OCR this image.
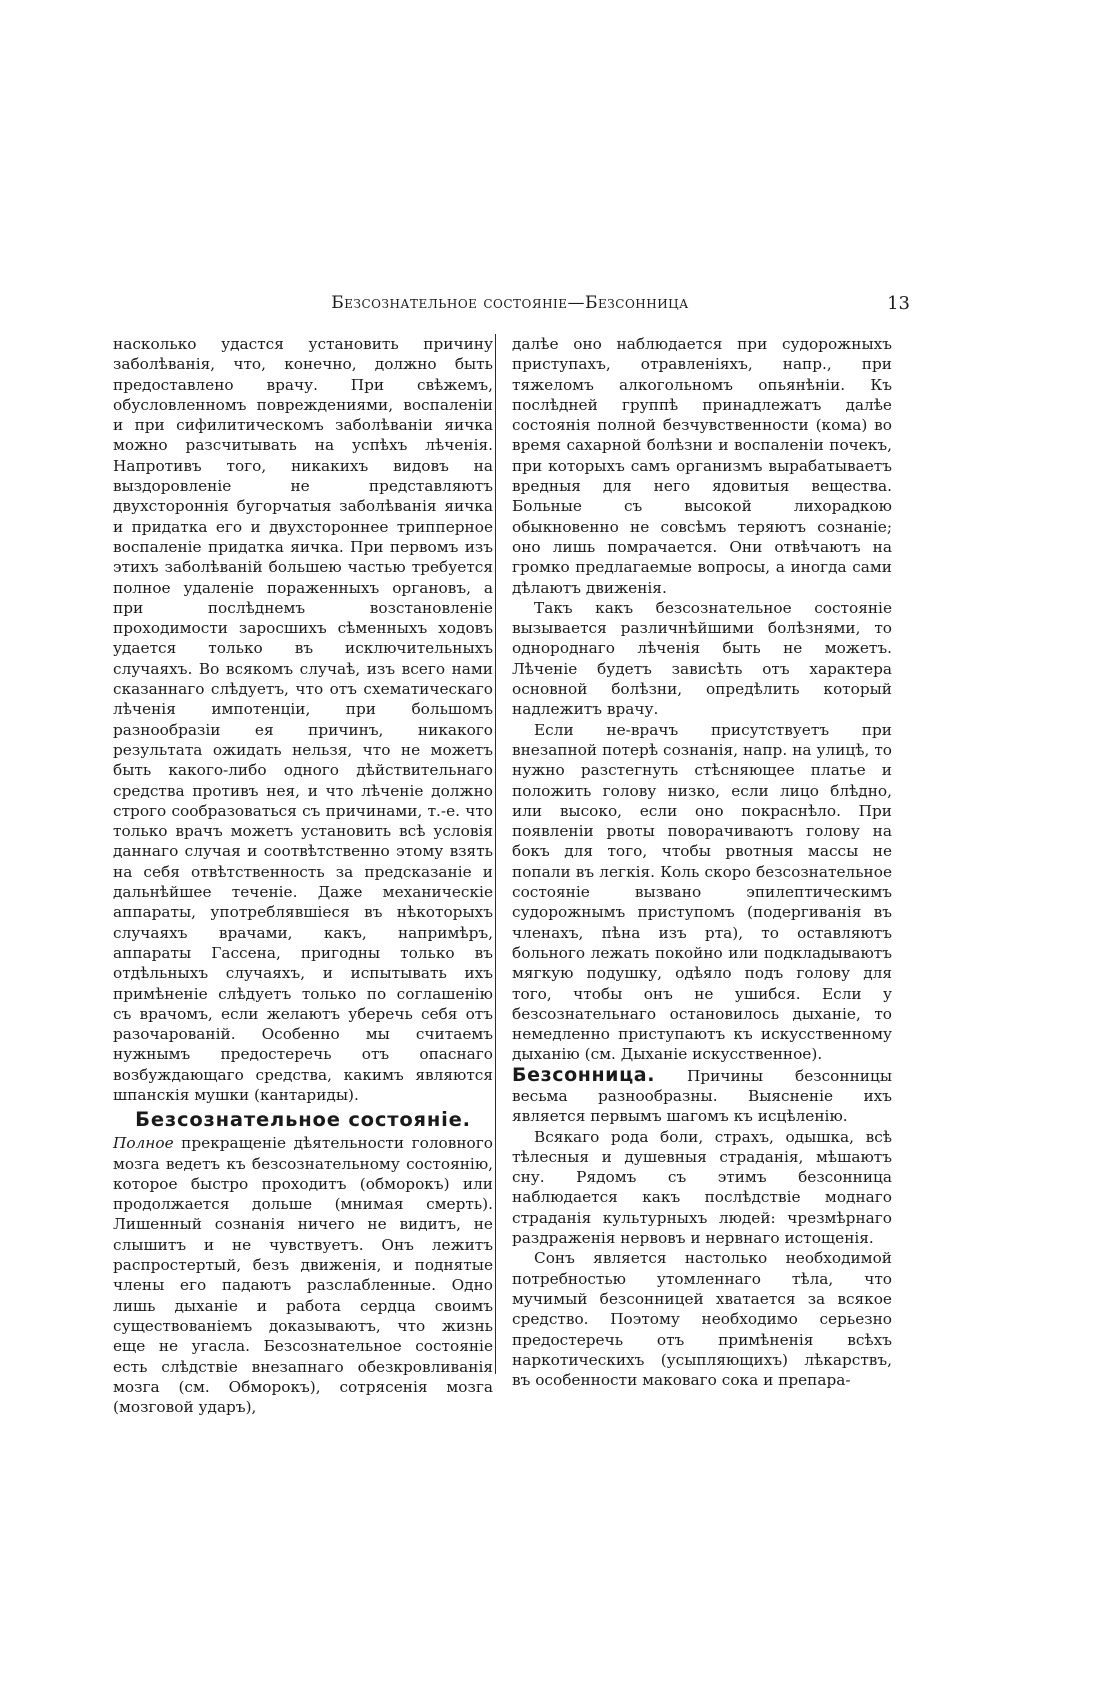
Безсознательное состояніе—Безсонница	13

насколько удастся установить причину заболѣванія, что, конечно, должно быть предоставлено врачу. При свѣжемъ, обусловленномъ повреждениями, воспаленіи и при сифилитическомъ заболѣваніи яичка можно разсчитывать на успѣхъ лѣченія. Напротивъ того, никакихъ видовъ на выздоровленіе не представляютъ двухстороннія бугорчатыя заболѣванія яичка и придатка его и двухстороннее трипперное воспаленіе придатка яичка. При первомъ изъ этихъ заболѣваній большею частью требуется полное удаленіе пораженныхъ органовъ, а при послѣднемъ возстановленіе проходимости заросшихъ сѣменныхъ ходовъ удается только въ исключительныхъ случаяхъ. Во всякомъ случаѣ, изъ всего нами сказаннаго слѣдуетъ, что отъ схематическаго лѣченія импотенціи, при большомъ разнообразіи ея причинъ, никакого результата ожидать нельзя, что не можетъ быть какого-либо одного дѣйствительнаго средства противъ нея, и что лѣченіе должно строго сообразоваться съ причинами, т.-е. что только врачъ можетъ установить всѣ условія даннаго случая и соотвѣтственно этому взять на себя отвѣтственность за предсказаніе и дальнѣйшее теченіе. Даже механическіе аппараты, употреблявшіеся въ нѣкоторыхъ случаяхъ врачами, какъ, напримѣръ, аппараты Гассена, пригодны только въ отдѣльныхъ случаяхъ, и испытывать ихъ примѣненіе слѣдуетъ только по соглашенію съ врачомъ, если желаютъ уберечь себя отъ разочарованій. Особенно мы считаемъ нужнымъ предостеречь отъ опаснаго возбуждающаго средства, какимъ являются шпанскія мушки (кантариды).

Безсознательное состояніе.

Полное прекращеніе дѣятельности головного мозга ведетъ къ безсознательному состоянію, которое быстро проходитъ (обморокъ) или продолжается дольше (мнимая смерть). Лишенный сознанія ничего не видитъ, не слышитъ и не чувствуетъ. Онъ лежитъ распростертый, безъ движенія, и поднятые члены его падаютъ разслабленные. Одно лишь дыханіе и работа сердца своимъ существованіемъ доказываютъ, что жизнь еще не угасла. Безсознательное состояніе есть слѣдствіе внезапнаго обезкровливанія мозга (см. Обморокъ), сотрясенія мозга (мозговой ударъ),

далѣе оно наблюдается при судорожныхъ приступахъ, отравленіяхъ, напр., при тяжеломъ алкогольномъ опьянѣніи. Къ послѣдней группѣ принадлежатъ далѣе состоянія полной безчувственности (кома) во время сахарной болѣзни и воспаленіи почекъ, при которыхъ самъ организмъ вырабатываетъ вредныя для него ядовитыя вещества. Больные съ высокой лихорадкою обыкновенно не совсѣмъ теряютъ сознаніе; оно лишь помрачается. Они отвѣчаютъ на громко предлагаемые вопросы, а иногда сами дѣлаютъ движенія.

Такъ какъ безсознательное состояніе вызывается различнѣйшими болѣзнями, то однороднаго лѣченія быть не можетъ. Лѣченіе будетъ зависѣть отъ характера основной болѣзни, опредѣлить который надлежитъ врачу.

Если не-врачъ присутствуетъ при внезапной потерѣ сознанія, напр. на улицѣ, то нужно разстегнуть стѣсняющее платье и положить голову низко, если лицо блѣдно, или высоко, если оно покраснѣло. При появленіи рвоты поворачиваютъ голову на бокъ для того, чтобы рвотныя массы не попали въ легкія. Коль скоро безсознательное состояніе вызвано эпилептическимъ судорожнымъ приступомъ (подергиванія въ членахъ, пѣна изъ рта), то оставляютъ больного лежать покойно или подкладываютъ мягкую подушку, одѣяло подъ голову для того, чтобы онъ не ушибся. Если у безсознательнаго остановилось дыханіе, то немедленно приступаютъ къ искусственному дыханію (см. Дыханіе искусственное).

Безсонница. Причины безсонницы весьма разнообразны. Выясненіе ихъ является первымъ шагомъ къ исцѣленію.

Всякаго рода боли, страхъ, одышка, всѣ тѣлесныя и душевныя страданія, мѣшаютъ сну. Рядомъ съ этимъ безсонница наблюдается какъ послѣдствіе моднаго страданія культурныхъ людей: чрезмѣрнаго раздраженія нервовъ и нервнаго истощенія.

Сонъ является настолько необходимой потребностью утомленнаго тѣла, что мучимый безсонницей хватается за всякое средство. Поэтому необходимо серьезно предостеречь отъ примѣненія всѣхъ наркотическихъ (усыпляющихъ) лѣкарствъ, въ особенности маковаго сока и препара-
